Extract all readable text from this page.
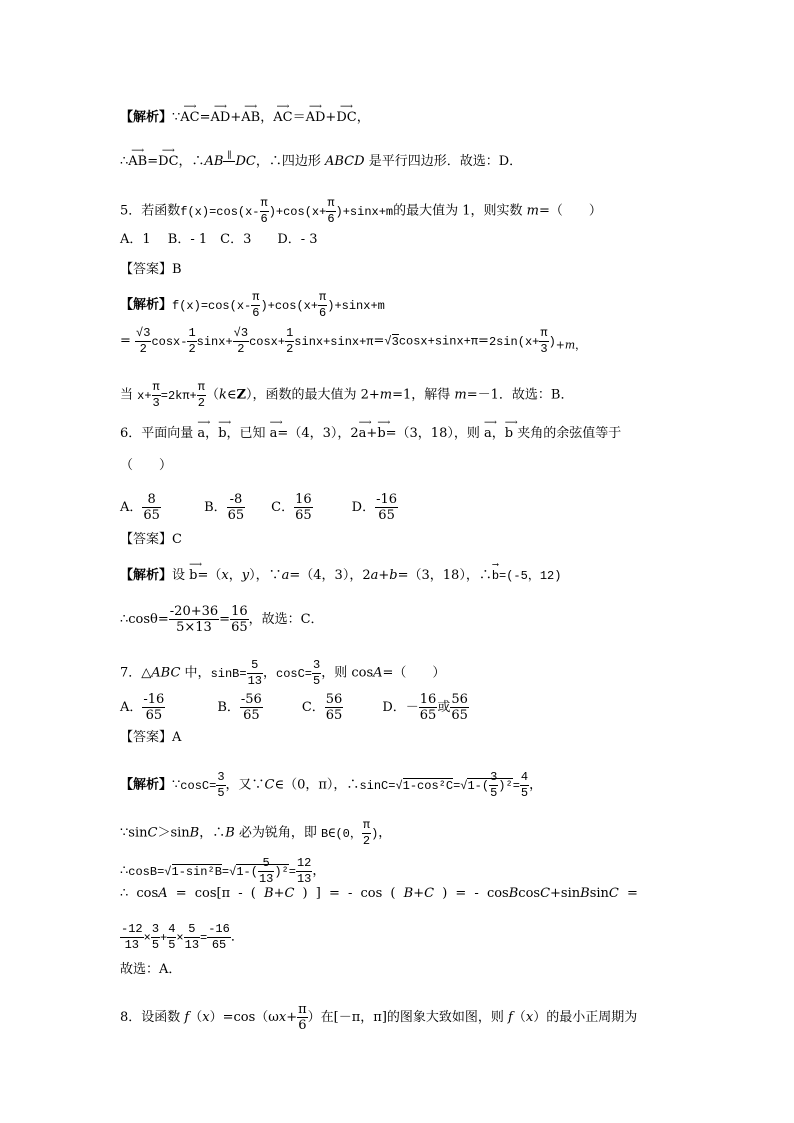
【解析】∵⟶ AC=⟶ AD+⟶ AB，⟶ AC＝⟶ AD+⟶ DC，
∴⟶ AB=⟶ DC，∴AB ∥
DC，∴四边形 ABCD 是平行四边形．故选：D．
5．若函数$f(x)=\cos(x- \frac{\pi}{6} )+\cos(x+ \frac{\pi}{6} )+\sin x+m$的最大值为 1，则实数 m=（　　）
A．1　 B．- 1　C．3　　D．- 3
【答案】B
【解析】$f(x)=\cos(x- \frac{\pi}{6} )+\cos(x+ \frac{\pi}{6} )+\sin x+m$
= $\frac{√3}{2} \cos x- \frac{1}{2} \sin x+ \frac{√3}{2} \cos x+ \frac{1}{2} \sin x+\sin x+\pi=√3\cos x+\sin x+\pi=2\sin(x+ \frac{\pi}{3} )_{+m,}$
当 $x+ \frac{\pi}{3} =2k\pi+ \frac{\pi}{2}$ （k∈Z），函数的最大值为 2+m=1，解得 m=－1．故选：B．
6．平面向量 ⟶ a，⟶ b，已知 ⟶ a=（4，3），2⟶ a+⟶ b=（3，18），则 ⟶ a，⟶ b 夹角的余弦值等于
（　　）
A． $\frac{8}{65}$ 　　　 B． $\frac{-8}{65}$ 　　C． $\frac{16}{65}$ 　　　D． $\frac{-16}{65}$
【答案】C
【解析】设 ⟶ b=（x，y），∵a=（4，3），2a+b=（3，18），∴⟶ b=(-5，12)
∴cosθ= $\frac{-20+36}{5\times 13} = \frac{16}{65}$ ，故选：C．
7．△ABC 中，$\sin B= \frac{5}{13}$ ，$\cos C= \frac{3}{5}$ ，则 cosA=（　　）
A． $\frac{-16}{65}$ 　　　　B． $\frac{-56}{65}$ 　　　C． $\frac{56}{65}$ 　　　D．－ $\frac{16}{65}$ 或 $\frac{56}{65}$
【答案】A
【解析】∵cosC= $\frac{3}{5}$ ，又∵C∈（0，π），∴sinC=√1-cos²C=√1-( $\frac{3}{5} )^2= \frac{4}{5}$ ，
∵sinC＞sinB，∴B 必为锐角，即 B∈(0， $\frac{\pi}{2}$ )，
∴cosB=√1-sin²B=√1-( $\frac{5}{13} )^2= \frac{12}{13}$ ，
∴ cosA = cos[π - ( B+C ) ] = - cos ( B+C ) = - cosBcosC+sinBsinC =
$\frac{-12}{13} \times \frac{3}{5} + \frac{4}{5} \times \frac{5}{13} = \frac{-16}{65}$ ．
故选：A．
8．设函数 $f(x)=\cos(\omega x+ \frac{\pi}{6}$ ）在[－π，π]的图象大致如图，则 f（x）的最小正周期为
